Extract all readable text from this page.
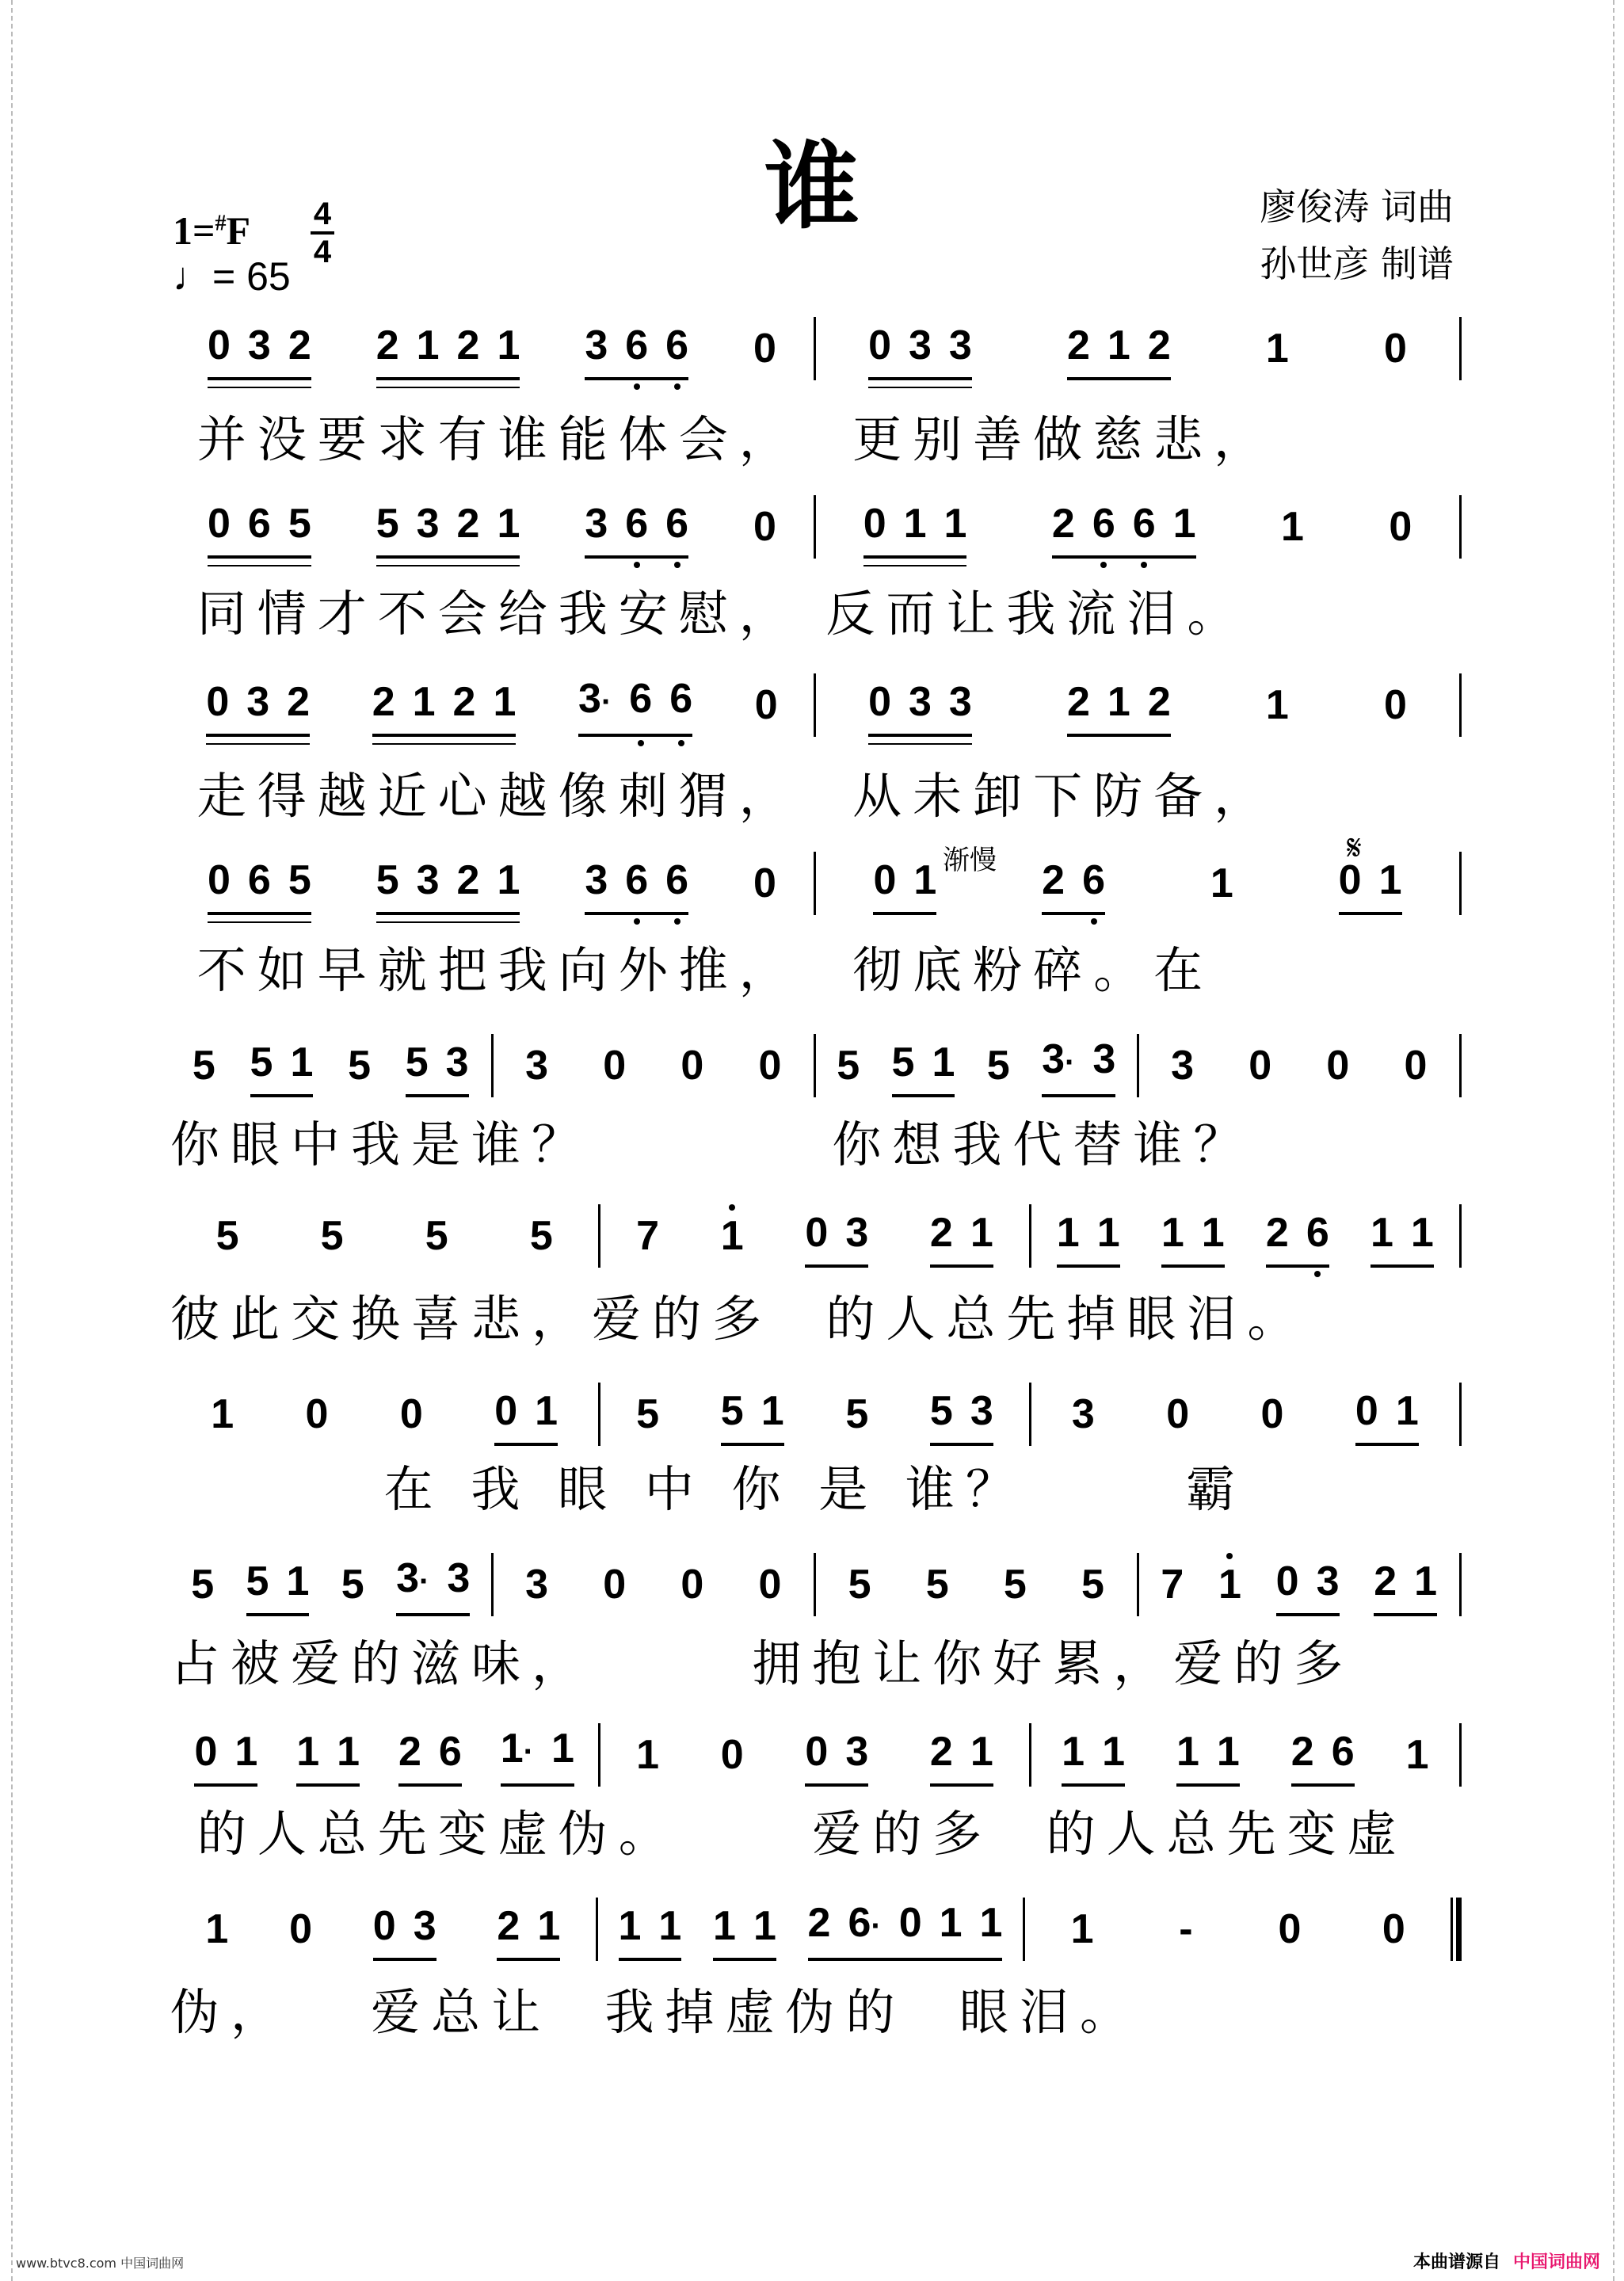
谁
1=#F 4
4
♩= 65
廖俊涛 词曲
孙世彦 制谱
渐慢	𝄋
0 3 2 2 1 2 1 3 6 6 0 0 3 3 2 1 2 1 0
并没要求有谁能体会，  更别善做慈悲，
0 6 5 5 3 2 1 3 6 6 0 0 1 1 2 6 6 1 1 0
同情才不会给我安慰， 反而让我流泪。
0 3 2 2 1 2 1 3· 6 6 0 0 3 3 2 1 2 1 0
走得越近心越像刺猬，  从未卸下防备，
0 6 5 5 3 2 1 3 6 6 0 0 1	2 6	1	0 1
不如早就把我向外推，  彻底粉碎。在
5 5 1 5 5 3 3 0 0 0 5 5 1 5 3· 3 3 0 0 0
你眼中我是谁？         你想我代替谁？
5 5 5 5 7 1 0 3 2 1 1 1 1 1 2 6 1 1
彼此交换喜悲，爱的多  的人总先掉眼泪。
1 0 0 0 1 5 5 1 5 5 3 3 0 0 0 1
在 我 眼 中 你 是 谁？      霸
5 5 1 5 3· 3 3 0 0 0 5 5 5 5 7 1 0 3 2 1
占被爱的滋味，      拥抱让你好累，爱的多
0 1 1 1 2 6 1· 1 1 0 0 3 2 1 1 1 1 1 2 6 1
的人总先变虚伪。     爱的多  的人总先变虚
1 0 0 3 2 1 1 1 1 1 2 6· 0 1 1 1 - 0 0
伪，   爱总让  我掉虚伪的  眼泪。
www.btvc8.com 中国词曲网	本曲谱源自 中国词曲网
